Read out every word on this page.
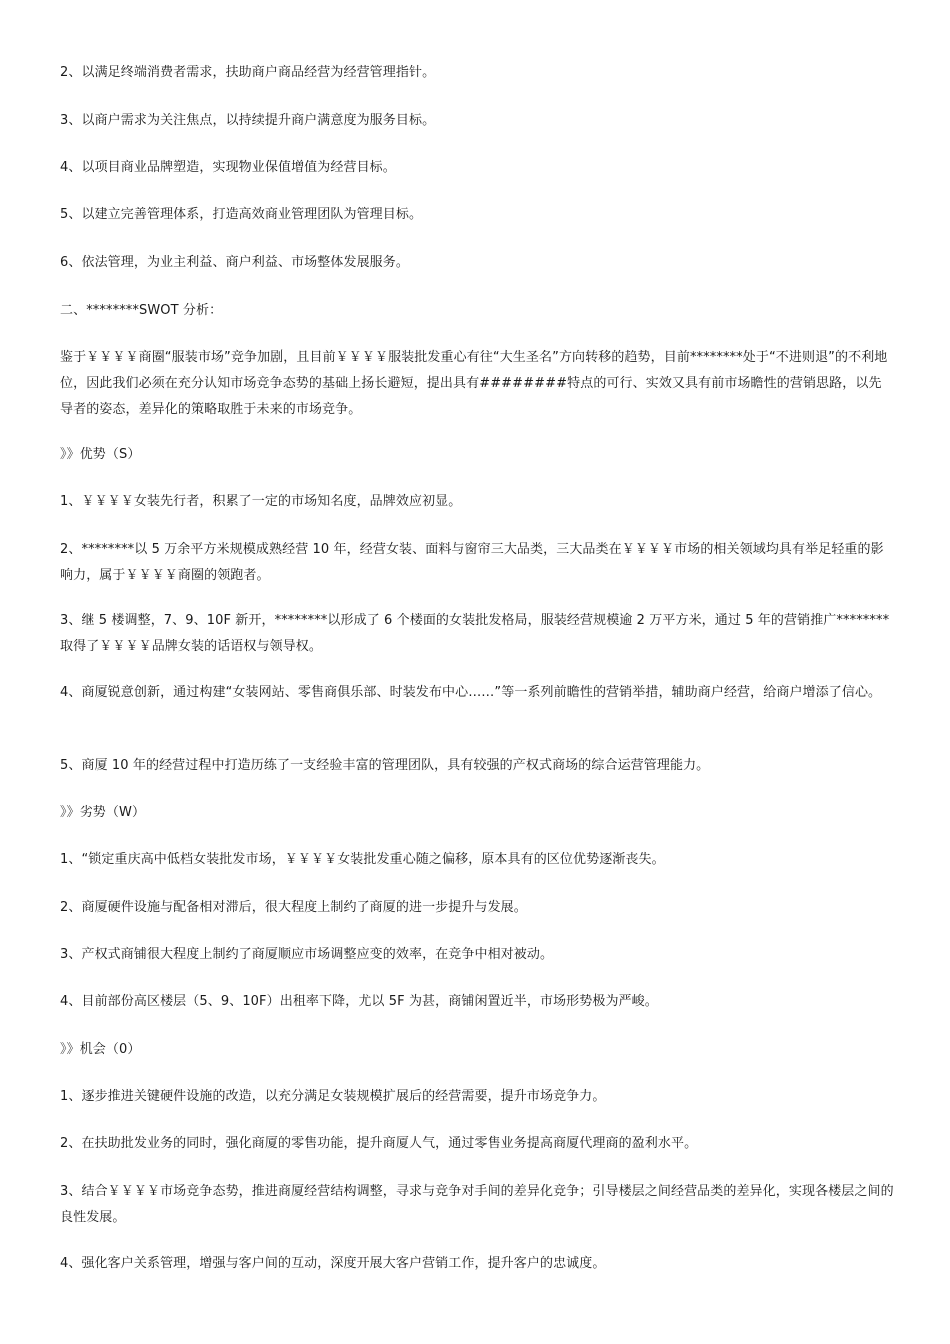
2、以满足终端消费者需求，扶助商户商品经营为经营管理指针。

3、以商户需求为关注焦点，以持续提升商户满意度为服务目标。

4、以项目商业品牌塑造，实现物业保值增值为经营目标。

5、以建立完善管理体系，打造高效商业管理团队为管理目标。

6、依法管理，为业主利益、商户利益、市场整体发展服务。

二、********SWOT 分析：

鉴于￥￥￥￥商圈“服装市场”竞争加剧，且目前￥￥￥￥服装批发重心有往“大生圣名”方向转移的趋势，目前********处于“不进则退”的不利地位，因此我们必须在充分认知市场竞争态势的基础上扬长避短，提出具有########特点的可行、实效又具有前市场瞻性的营销思路，以先导者的姿态，差异化的策略取胜于未来的市场竞争。

》》优势（S）

1、￥￥￥￥女装先行者，积累了一定的市场知名度，品牌效应初显。

2、********以 5 万余平方米规模成熟经营 10 年，经营女装、面料与窗帘三大品类，三大品类在￥￥￥￥市场的相关领域均具有举足轻重的影响力，属于￥￥￥￥商圈的领跑者。

3、继 5 楼调整，7、9、10F 新开，********以形成了 6 个楼面的女装批发格局，服装经营规模逾 2 万平方米，通过 5 年的营销推广********取得了￥￥￥￥品牌女装的话语权与领导权。

4、商厦锐意创新，通过构建“女装网站、零售商俱乐部、时装发布中心……”等一系列前瞻性的营销举措，辅助商户经营，给商户增添了信心。

5、商厦 10 年的经营过程中打造历练了一支经验丰富的管理团队，具有较强的产权式商场的综合运营管理能力。

》》劣势（W）

1、“锁定重庆高中低档女装批发市场，￥￥￥￥女装批发重心随之偏移，原本具有的区位优势逐渐丧失。

2、商厦硬件设施与配备相对滞后，很大程度上制约了商厦的进一步提升与发展。

3、产权式商铺很大程度上制约了商厦顺应市场调整应变的效率，在竞争中相对被动。

4、目前部份高区楼层（5、9、10F）出租率下降，尤以 5F 为甚，商铺闲置近半，市场形势极为严峻。

》》机会（0）

1、逐步推进关键硬件设施的改造，以充分满足女装规模扩展后的经营需要，提升市场竞争力。

2、在扶助批发业务的同时，强化商厦的零售功能，提升商厦人气，通过零售业务提高商厦代理商的盈利水平。

3、结合￥￥￥￥市场竞争态势，推进商厦经营结构调整，寻求与竞争对手间的差异化竞争；引导楼层之间经营品类的差异化，实现各楼层之间的良性发展。

4、强化客户关系管理，增强与客户间的互动，深度开展大客户营销工作，提升客户的忠诚度。
